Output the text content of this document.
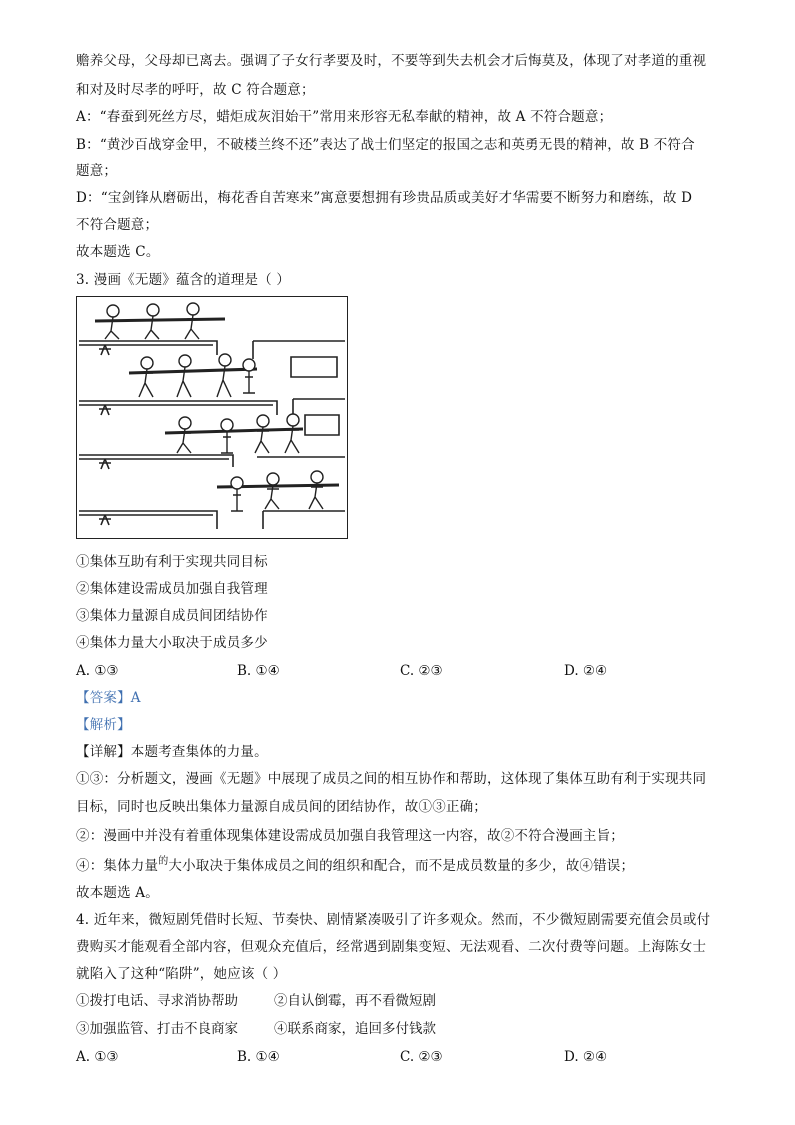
赡养父母，父母却已离去。强调了子女行孝要及时，不要等到失去机会才后悔莫及，体现了对孝道的重视
和对及时尽孝的呼吁，故 C 符合题意；
A：“春蚕到死丝方尽，蜡炬成灰泪始干”常用来形容无私奉献的精神，故 A 不符合题意；
B：“黄沙百战穿金甲，不破楼兰终不还”表达了战士们坚定的报国之志和英勇无畏的精神，故 B 不符合
题意；
D：“宝剑锋从磨砺出，梅花香自苦寒来”寓意要想拥有珍贵品质或美好才华需要不断努力和磨练，故 D
不符合题意；
故本题选 C。
3. 漫画《无题》蕴含的道理是（ ）
①集体互助有利于实现共同目标
②集体建设需成员加强自我管理
③集体力量源自成员间团结协作
④集体力量大小取决于成员多少
A. ①③	B. ①④	C. ②③	D. ②④
【答案】A
【解析】
【详解】本题考查集体的力量。
①③：分析题文，漫画《无题》中展现了成员之间的相互协作和帮助，这体现了集体互助有利于实现共同
目标，同时也反映出集体力量源自成员间的团结协作，故①③正确；
②：漫画中并没有着重体现集体建设需成员加强自我管理这一内容，故②不符合漫画主旨；
④：集体力量$^的$大小取决于集体成员之间的组织和配合，而不是成员数量的多少，故④错误；
故本题选 A。
4. 近年来，微短剧凭借时长短、节奏快、剧情紧凑吸引了许多观众。然而，不少微短剧需要充值会员或付
费购买才能观看全部内容，但观众充值后，经常遇到剧集变短、无法观看、二次付费等问题。上海陈女士
就陷入了这种“陷阱”，她应该（ ）
①拨打电话、寻求消协帮助	②自认倒霉，再不看微短剧
③加强监管、打击不良商家	④联系商家，追回多付钱款
A. ①③	B. ①④	C. ②③	D. ②④
